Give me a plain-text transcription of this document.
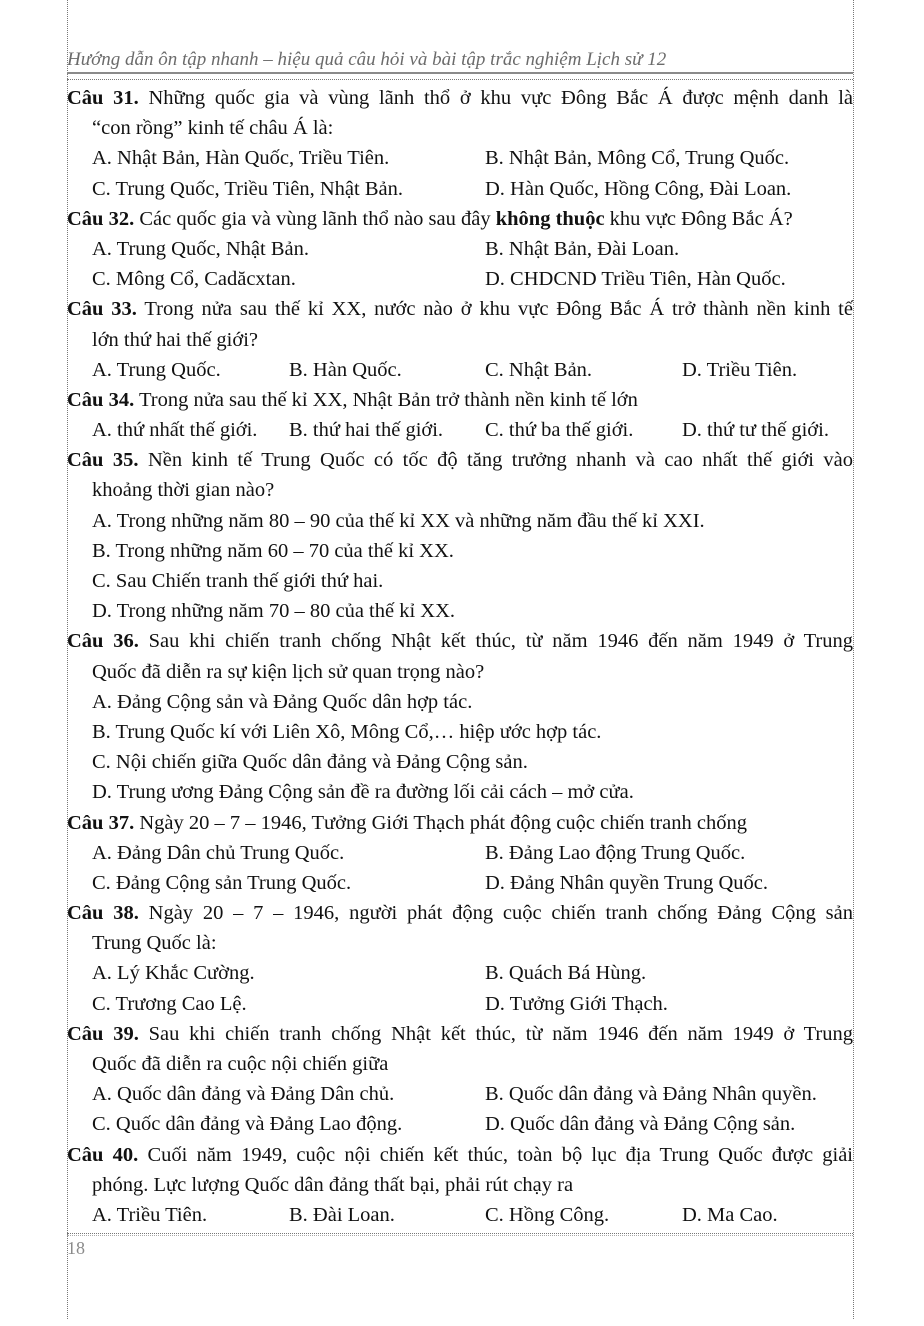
Hướng dẫn ôn tập nhanh – hiệu quả câu hỏi và bài tập trắc nghiệm Lịch sử 12
Câu 31. Những quốc gia và vùng lãnh thổ ở khu vực Đông Bắc Á được mệnh danh là
“con rồng” kinh tế châu Á là:
A. Nhật Bản, Hàn Quốc, Triều Tiên.	B. Nhật Bản, Mông Cổ, Trung Quốc.
C. Trung Quốc, Triều Tiên, Nhật Bản.	D. Hàn Quốc, Hồng Công, Đài Loan.
Câu 32. Các quốc gia và vùng lãnh thổ nào sau đây không thuộc khu vực Đông Bắc Á?
A. Trung Quốc, Nhật Bản.	B. Nhật Bản, Đài Loan.
C. Mông Cổ, Cadăcxtan.	D. CHDCND Triều Tiên, Hàn Quốc.
Câu 33. Trong nửa sau thế kỉ XX, nước nào ở khu vực Đông Bắc Á trở thành nền kinh tế
lớn thứ hai thế giới?
A. Trung Quốc.	B. Hàn Quốc.	C. Nhật Bản.	D. Triều Tiên.
Câu 34. Trong nửa sau thế kỉ XX, Nhật Bản trở thành nền kinh tế lớn
A. thứ nhất thế giới. B. thứ hai thế giới. C. thứ ba thế giới. D. thứ tư thế giới.
Câu 35. Nền kinh tế Trung Quốc có tốc độ tăng trưởng nhanh và cao nhất thế giới vào
khoảng thời gian nào?
A. Trong những năm 80 – 90 của thế kỉ XX và những năm đầu thế kỉ XXI.
B. Trong những năm 60 – 70 của thế kỉ XX.
C. Sau Chiến tranh thế giới thứ hai.
D. Trong những năm 70 – 80 của thế kỉ XX.
Câu 36. Sau khi chiến tranh chống Nhật kết thúc, từ năm 1946 đến năm 1949 ở Trung
Quốc đã diễn ra sự kiện lịch sử quan trọng nào?
A. Đảng Cộng sản và Đảng Quốc dân hợp tác.
B. Trung Quốc kí với Liên Xô, Mông Cổ,… hiệp ước hợp tác.
C. Nội chiến giữa Quốc dân đảng và Đảng Cộng sản.
D. Trung ương Đảng Cộng sản đề ra đường lối cải cách – mở cửa.
Câu 37. Ngày 20 – 7 – 1946, Tưởng Giới Thạch phát động cuộc chiến tranh chống
A. Đảng Dân chủ Trung Quốc.	B. Đảng Lao động Trung Quốc.
C. Đảng Cộng sản Trung Quốc.	D. Đảng Nhân quyền Trung Quốc.
Câu 38. Ngày 20 – 7 – 1946, người phát động cuộc chiến tranh chống Đảng Cộng sản
Trung Quốc là:
A. Lý Khắc Cường.	B. Quách Bá Hùng.
C. Trương Cao Lệ.	D. Tưởng Giới Thạch.
Câu 39. Sau khi chiến tranh chống Nhật kết thúc, từ năm 1946 đến năm 1949 ở Trung
Quốc đã diễn ra cuộc nội chiến giữa
A. Quốc dân đảng và Đảng Dân chủ.	B. Quốc dân đảng và Đảng Nhân quyền.
C. Quốc dân đảng và Đảng Lao động.	D. Quốc dân đảng và Đảng Cộng sản.
Câu 40. Cuối năm 1949, cuộc nội chiến kết thúc, toàn bộ lục địa Trung Quốc được giải
phóng. Lực lượng Quốc dân đảng thất bại, phải rút chạy ra
A. Triều Tiên.	B. Đài Loan.	C. Hồng Công.	D. Ma Cao.
18
